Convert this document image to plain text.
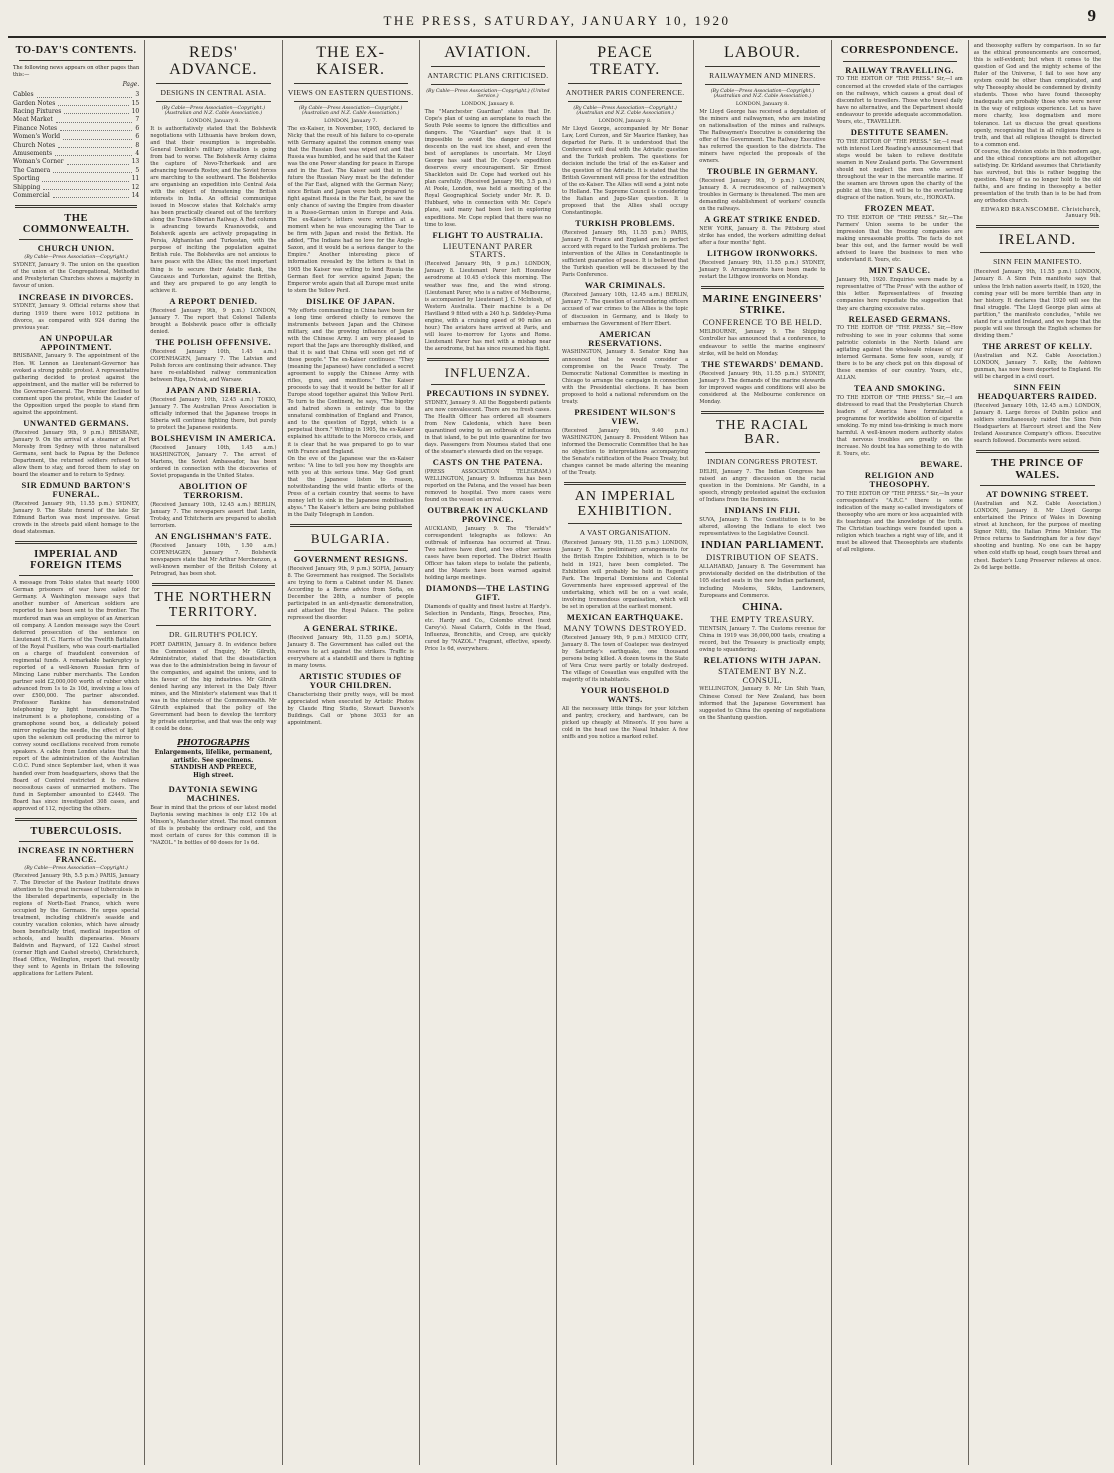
THE PRESS, SATURDAY, JANUARY 10, 1920	9
TO-DAY'S CONTENTS.
The following news appears on other pages than this:—
Page.
Cables	3
Garden Notes	15
Racing Fixtures	10
Meat Market	7
Finance Notes	6
Women's World	6
Church Notes	8
Amusements	4
Woman's Corner	13
The Camera	5
Sporting	11
Shipping	12
Commercial	14
THE COMMONWEALTH.
CHURCH UNION.
(By Cable—Press Association—Copyright.)
SYDNEY, January 9. The union on the question of the union of the Congregational, Methodist and Presbyterian Churches shows a majority in favour of union.
INCREASE IN DIVORCES.
SYDNEY, January 9. Official returns show that during 1919 there were 1012 petitions in divorce, as compared with 924 during the previous year.
AN UNPOPULAR APPOINTMENT.
BRISBANE, January 9. The appointment of the Hon. W. Lennon as Lieutenant-Governor has evoked a strong public protest. A representative gathering decided to protest against the appointment, and the matter will be referred to the Governor-General. The Premier declined to comment upon the protest, while the Leader of the Opposition urged the people to stand firm against the appointment.
UNWANTED GERMANS.
(Received January 9th, 9 p.m.) BRISBANE, January 9. On the arrival of a steamer at Port Moresby from Sydney with three naturalised Germans, sent back to Papua by the Defence Department, the returned soldiers refused to allow them to stay, and forced them to stay on board the steamer and to return to Sydney.
SIR EDMUND BARTON'S FUNERAL.
(Received January 9th, 11.55 p.m.) SYDNEY, January 9. The State funeral of the late Sir Edmund Barton was most impressive. Great crowds in the streets paid silent homage to the dead statesman.
IMPERIAL AND FOREIGN ITEMS
A message from Tokio states that nearly 1000 German prisoners of war have sailed for Germany. A Washington message says that another number of American soldiers are reported to have been sent to the frontier. The murdered man was an employee of an American oil company. A London message says the Court deferred prosecution of the sentence on Lieutenant H. C. Harris of the Twelfth Battalion of the Royal Fusiliers, who was court-martialled on a charge of fraudulent conversion of regimental funds. A remarkable bankruptcy is reported of a well-known Russian firm of Mincing Lane rubber merchants. The London partner sold £2,000,000 worth of rubber which advanced from 1s to 2s 10d, involving a loss of over £500,000. The partner absconded. Professor Rankine has demonstrated telephoning by light transmission. The instrument is a photophone, consisting of a gramophone sound box, a delicately poised mirror replacing the needle, the effect of light upon the selenium cell producing the mirror to convey sound oscillations received from remote speakers. A cable from London states that the report of the administration of the Australian C.O.C. Fund since September last, when it was handed over from headquarters, shows that the Board of Control restricted it to relieve necessitous cases of unmarried mothers. The fund in September amounted to £2449. The Board has since investigated 308 cases, and approved of 112, rejecting the others.
TUBERCULOSIS.
INCREASE IN NORTHERN FRANCE.
(By Cable—Press Association—Copyright.)
(Received January 9th, 5.5 p.m.) PARIS, January 7. The Director of the Pasteur Institute draws attention to the great increase of tuberculosis in the liberated departments, especially in the regions of North-East France, which were occupied by the Germans. He urges special treatment, including children's seaside and country vacation colonies, which have already been beneficially tried, medical inspection of schools, and health dispensaries. Messrs Baldwin and Rayward, of 122 Cashel street (corner High and Cashel streets), Christchurch, Head Office, Wellington, report that recently they sent to Agents in Britain the following applications for Letters Patent.
REDS' ADVANCE.
DESIGNS IN CENTRAL ASIA.
(By Cable—Press Association—Copyright.) (Australian and N.Z. Cable Association.)
LONDON, January 8.
It is authoritatively stated that the Bolshevik negotiations with Lithuania have broken down, and that their resumption is improbable. General Denikin's military situation is going from bad to worse. The Bolshevik Army claims the capture of Novo-Tcherkask and are advancing towards Rostov, and the Soviet forces are marching to the southward. The Bolsheviks are organising an expedition into Central Asia with the object of threatening the British interests in India. An official communique issued in Moscow states that Kolchak's army has been practically cleared out of the territory along the Trans-Siberian Railway. A Red column is advancing towards Krasnovodsk, and Bolshevik agents are actively propagating in Persia, Afghanistan and Turkestan, with the purpose of inciting the population against British rule. The Bolsheviks are not anxious to have peace with the Allies; the most important thing is to secure their Asiatic flank, the Caucasus and Turkestan, against the British, and they are prepared to go any length to achieve it.
A REPORT DENIED.
(Received January 9th, 9 p.m.) LONDON, January 7. The report that Colonel Tallents brought a Bolshevik peace offer is officially denied.
THE POLISH OFFENSIVE.
(Received January 10th, 1.45 a.m.) COPENHAGEN, January 7. The Latvian and Polish forces are continuing their advance. They have re-established railway communication between Riga, Dvinsk, and Warsaw.
JAPAN AND SIBERIA.
(Received January 10th, 12.45 a.m.) TOKIO, January 7. The Australian Press Association is officially informed that the Japanese troops in Siberia will continue fighting there, but purely to protect the Japanese residents.
BOLSHEVISM IN AMERICA.
(Received January 10th, 1.45 a.m.) WASHINGTON, January 7. The arrest of Martens, the Soviet Ambassador, has been ordered in connection with the discoveries of Soviet propaganda in the United States.
ABOLITION OF TERRORISM.
(Received January 10th, 12.45 a.m.) BERLIN, January 7. The newspapers assert that Lenin, Trotsky, and Tchitcherin are prepared to abolish terrorism.
AN ENGLISHMAN'S FATE.
(Received January 10th, 1.50 a.m.) COPENHAGEN, January 7. Bolshevik newspapers state that Mr Arthur Merchenzon, a well-known member of the British Colony at Petrograd, has been shot.
THE NORTHERN TERRITORY.
DR. GILRUTH'S POLICY.
PORT DARWIN, January 8. In evidence before the Commission of Enquiry, Mr Gilruth, Administrator, stated that the dissatisfaction was due to the administration being in favour of the companies, and against the unions, and to his favour of the big industries. Mr Gilruth denied having any interest in the Daly River mines, and the Minister's statement was that it was in the interests of the Commonwealth. Mr Gilruth explained that the policy of the Government had been to develop the territory by private enterprise, and that was the only way it could be done.
PHOTOGRAPHS
Enlargements, lifelike, permanent, artistic. See specimens.
STANDISH AND PREECE,
High street.
DAYTONIA SEWING MACHINES.
Bear in mind that the prices of our latest model Daytonia sewing machines is only £12 10s at Minson's, Manchester street. The most common of ills is probably the ordinary cold, and the most certain of cures for this common ill is "NAZOL." In bottles of 60 doses for 1s 6d.
THE EX-KAISER.
VIEWS ON EASTERN QUESTIONS.
(By Cable—Press Association—Copyright.) (Australian and N.Z. Cable Association.)
LONDON, January 7.
The ex-Kaiser, in November, 1905, declared to Nicky that the result of his failure to co-operate with Germany against the common enemy was that the Russian fleet was wiped out and that Russia was humbled, and he said that the Kaiser was the one Power standing for peace in Europe and in the East. The Kaiser said that in the future the Russian Navy must be the defender of the Far East, aligned with the German Navy; since Britain and Japan were both prepared to fight against Russia in the Far East, he saw the only chance of saving the Empire from disaster in a Russo-German union in Europe and Asia. The ex-Kaiser's letters were written at a moment when he was encouraging the Tsar to be firm with Japan and resist the British. He added, "The Indians had no love for the Anglo-Saxon, and it would be a serious danger to the Empire." Another interesting piece of information revealed by the letters is that in 1905 the Kaiser was willing to lend Russia the German fleet for service against Japan; the Emperor wrote again that all Europe must unite to stem the Yellow Peril.
DISLIKE OF JAPAN.
"My efforts commanding in China have been for a long time ordered chiefly to remove the instruments between Japan and the Chinese military, and the growing influence of Japan with the Chinese Army. I am very pleased to report that the Japs are thoroughly disliked, and that it is said that China will soon get rid of these people." The ex-Kaiser continues: "They (meaning the Japanese) have concluded a secret agreement to supply the Chinese Army with rifles, guns, and munitions." The Kaiser proceeds to say that it would be better for all if Europe stood together against this Yellow Peril. To turn to the Continent, he says, "The bigotry and hatred shown is entirely due to the unnatural combination of England and France, and to the question of Egypt, which is a perpetual thorn." Writing in 1905, the ex-Kaiser explained his attitude to the Morocco crisis, and it is clear that he was prepared to go to war with France and England.
On the eve of the Japanese war the ex-Kaiser writes: "A line to tell you how my thoughts are with you at this serious time. May God grant that the Japanese listen to reason, notwithstanding the wild frantic efforts of the Press of a certain country that seems to have money left to sink in the Japanese mobilisation abyss." The Kaiser's letters are being published in the Daily Telegraph in London.
BULGARIA.
GOVERNMENT RESIGNS.
(Received January 9th, 9 p.m.) SOFIA, January 8. The Government has resigned. The Socialists are trying to form a Cabinet under M. Danev. According to a Berne advice from Sofia, on December the 28th, a number of people participated in an anti-dynastic demonstration, and attacked the Royal Palace. The police repressed the disorder.
A GENERAL STRIKE.
(Received January 9th, 11.55 p.m.) SOFIA, January 8. The Government has called out the reserves to act against the strikers. Traffic is everywhere at a standstill and there is fighting in many towns.
ARTISTIC STUDIES OF YOUR CHILDREN.
Characterising their pretty ways, will be most appreciated when executed by Artistic Photos by Claude Ring Studio, Stewart Dawson's Buildings. Call or 'phone 3033 for an appointment.
AVIATION.
ANTARCTIC PLANS CRITICISED.
(By Cable—Press Association—Copyright.) (United Service.)
LONDON, January 8.
The "Manchester Guardian" states that Dr. Cope's plan of using an aeroplane to reach the South Pole seems to ignore the difficulties and dangers. The "Guardian" says that it is impossible to avoid the danger of forced descents on the vast ice sheet, and even the best of aeroplanes is uncertain. Mr Lloyd George has said that Dr. Cope's expedition deserves every encouragement. Sir Ernest Shackleton said Dr. Cope had worked out his plan carefully. (Received January 9th, 5.5 p.m.) At Poole, London, was held a meeting of the Royal Geographical Society under Mr. R. D. Hubbard, who in connection with Mr. Cope's plans, said many had been lost in exploring expeditions. Mr. Cope replied that there was no time to lose.
FLIGHT TO AUSTRALIA.
LIEUTENANT PARER STARTS.
(Received January 9th, 9 p.m.) LONDON, January 8. Lieutenant Parer left Hounslow aerodrome at 10.45 o'clock this morning. The weather was fine, and the wind strong. (Lieutenant Parer, who is a native of Melbourne, is accompanied by Lieutenant J. C. McIntosh, of Western Australia. Their machine is a De Havilland 9 fitted with a 240 h.p. Siddeley-Puma engine, with a cruising speed of 90 miles an hour.) The aviators have arrived at Paris, and will leave to-morrow for Lyons and Rome. Lieutenant Parer has met with a mishap near the aerodrome, but has since resumed his flight.
INFLUENZA.
PRECAUTIONS IN SYDNEY.
SYDNEY, January 9. All the Boggoberdi patients are now convalescent. There are no fresh cases. The Health Officer has ordered all steamers from New Caledonia, which have been quarantined owing to an outbreak of influenza in that island, to be put into quarantine for two days. Passengers from Noumea stated that one of the steamer's stewards died on the voyage.
CASTS ON THE PATENA.
(PRESS ASSOCIATION TELEGRAM.) WELLINGTON, January 9. Influenza has been reported on the Patena, and the vessel has been removed to hospital. Two more cases were found on the vessel on arrival.
OUTBREAK IN AUCKLAND PROVINCE.
AUCKLAND, January 9. The "Herald's" correspondent telegraphs as follows: An outbreak of influenza has occurred at Tirau. Two natives have died, and two other serious cases have been reported. The District Health Officer has taken steps to isolate the patients, and the Maoris have been warned against holding large meetings.
DIAMONDS—THE LASTING GIFT.
Diamonds of quality and finest lustre at Hardy's. Selection in Pendants, Rings, Brooches, Pins, etc. Hardy and Co., Colombo street (next Carey's). Nasal Catarrh, Colds in the Head, Influenza, Bronchitis, and Croup, are quickly cured by "NAZOL." Fragrant, effective, speedy. Price 1s 6d, everywhere.
PEACE TREATY.
ANOTHER PARIS CONFERENCE.
(By Cable—Press Association—Copyright.) (Australian and N.Z. Cable Association.)
LONDON, January 8.
Mr Lloyd George, accompanied by Mr Bonar Law, Lord Curzon, and Sir Maurice Hankey, has departed for Paris. It is understood that the Conference will deal with the Adriatic question and the Turkish problem. The questions for decision include the trial of the ex-Kaiser and the question of the Adriatic. It is stated that the British Government will press for the extradition of the ex-Kaiser. The Allies will send a joint note to Holland. The Supreme Council is considering the Italian and Jugo-Slav question. It is proposed that the Allies shall occupy Constantinople.
TURKISH PROBLEMS.
(Received January 9th, 11.55 p.m.) PARIS, January 8. France and England are in perfect accord with regard to the Turkish problems. The intervention of the Allies in Constantinople is sufficient guarantee of peace. It is believed that the Turkish question will be discussed by the Paris Conference.
WAR CRIMINALS.
(Received January 10th, 12.45 a.m.) BERLIN, January 7. The question of surrendering officers accused of war crimes to the Allies is the topic of discussion in Germany, and is likely to embarrass the Government of Herr Ebert.
AMERICAN RESERVATIONS.
WASHINGTON, January 8. Senator King has announced that he would consider a compromise on the Peace Treaty. The Democratic National Committee is meeting in Chicago to arrange the campaign in connection with the Presidential elections. It has been proposed to hold a national referendum on the treaty.
PRESIDENT WILSON'S VIEW.
(Received January 9th, 9.40 p.m.) WASHINGTON, January 8. President Wilson has informed the Democratic Committee that he has no objection to interpretations accompanying the Senate's ratification of the Peace Treaty, but changes cannot be made altering the meaning of the Treaty.
AN IMPERIAL EXHIBITION.
A VAST ORGANISATION.
(Received January 9th, 11.55 p.m.) LONDON, January 8. The preliminary arrangements for the British Empire Exhibition, which is to be held in 1921, have been completed. The Exhibition will probably be held in Regent's Park. The Imperial Dominions and Colonial Governments have expressed approval of the undertaking, which will be on a vast scale, involving tremendous organisation, which will be set in operation at the earliest moment.
MEXICAN EARTHQUAKE.
MANY TOWNS DESTROYED.
(Received January 9th, 9 p.m.) MEXICO CITY, January 8. The town of Coatepec was destroyed by Saturday's earthquake, one thousand persons being killed. A dozen towns in the State of Vera Cruz were partly or totally destroyed. The village of Cosautlan was engulfed with the majority of its inhabitants.
YOUR HOUSEHOLD WANTS.
All the necessary little things for your kitchen and pantry, crockery, and hardware, can be picked up cheaply at Minson's. If you have a cold in the head use the Nasal Inhaler. A few sniffs and you notice a marked relief.
LABOUR.
RAILWAYMEN AND MINERS.
(By Cable—Press Association—Copyright.) (Australian and N.Z. Cable Association.)
LONDON, January 8.
Mr Lloyd George has received a deputation of the miners and railwaymen, who are insisting on nationalisation of the mines and railways. The Railwaymen's Executive is considering the offer of the Government. The Railway Executive has referred the question to the districts. The miners have rejected the proposals of the owners.
TROUBLE IN GERMANY.
(Received January 9th, 9 p.m.) LONDON, January 8. A recrudescence of railwaymen's troubles in Germany is threatened. The men are demanding establishment of workers' councils on the railways.
A GREAT STRIKE ENDED.
NEW YORK, January 8. The Pittsburg steel strike has ended, the workers admitting defeat after a four months' fight.
LITHGOW IRONWORKS.
(Received January 9th, 11.55 p.m.) SYDNEY, January 9. Arrangements have been made to restart the Lithgow ironworks on Monday.
MARINE ENGINEERS' STRIKE.
CONFERENCE TO BE HELD.
MELBOURNE, January 9. The Shipping Controller has announced that a conference, to endeavour to settle the marine engineers' strike, will be held on Monday.
THE STEWARDS' DEMAND.
(Received January 9th, 11.55 p.m.) SYDNEY, January 9. The demands of the marine stewards for improved wages and conditions will also be considered at the Melbourne conference on Monday.
THE RACIAL BAR.
INDIAN CONGRESS PROTEST.
DELHI, January 7. The Indian Congress has raised an angry discussion on the racial question in the Dominions. Mr Gandhi, in a speech, strongly protested against the exclusion of Indians from the Dominions.
INDIANS IN FIJI.
SUVA, January 8. The Constitution is to be altered, allowing the Indians to elect two representatives to the Legislative Council.
INDIAN PARLIAMENT.
DISTRIBUTION OF SEATS.
ALLAHABAD, January 8. The Government has provisionally decided on the distribution of the 105 elected seats in the new Indian parliament, including Moslems, Sikhs, Landowners, Europeans and Commerce.
CHINA.
THE EMPTY TREASURY.
TIENTSIN, January 7. The Customs revenue for China in 1919 was 36,000,000 taels, creating a record, but the Treasury is practically empty, owing to squandering.
RELATIONS WITH JAPAN.
STATEMENT BY N.Z. CONSUL.
WELLINGTON, January 9. Mr Lin Shih Yuan, Chinese Consul for New Zealand, has been informed that the Japanese Government has suggested to China the opening of negotiations on the Shantung question.
CORRESPONDENCE.
RAILWAY TRAVELLING.
TO THE EDITOR OF "THE PRESS." Sir,—I am concerned at the crowded state of the carriages on the railways, which causes a great deal of discomfort to travellers. Those who travel daily have no alternative, and the Department should endeavour to provide adequate accommodation. Yours, etc., TRAVELLER.
DESTITUTE SEAMEN.
TO THE EDITOR OF "THE PRESS." Sir,—I read with interest Lord Reading's announcement that steps would be taken to relieve destitute seamen in New Zealand ports. The Government should not neglect the men who served throughout the war in the mercantile marine. If the seamen are thrown upon the charity of the public at this time, it will be to the everlasting disgrace of the nation. Yours, etc., HOROATA.
FROZEN MEAT.
TO THE EDITOR OF "THE PRESS." Sir,—The Farmers' Union seems to be under the impression that the freezing companies are making unreasonable profits. The facts do not bear this out, and the farmer would be well advised to leave the business to men who understand it. Yours, etc.
MINT SAUCE.
January 9th, 1920. Enquiries were made by a representative of "The Press" with the author of this letter. Representatives of freezing companies here repudiate the suggestion that they are charging excessive rates.
RELEASED GERMANS.
TO THE EDITOR OF "THE PRESS." Sir,—How refreshing to see in your columns that some patriotic colonists in the North Island are agitating against the wholesale release of our interned Germans. Some few soon, surely, if there is to be any check put on this disposal of these enemies of our country. Yours, etc., ALLAN.
TEA AND SMOKING.
TO THE EDITOR OF "THE PRESS." Sir,—I am distressed to read that the Presbyterian Church leaders of America have formulated a programme for worldwide abolition of cigarette smoking. To my mind tea-drinking is much more harmful. A well-known modern authority states that nervous troubles are greatly on the increase. No doubt tea has something to do with it. Yours, etc.
BEWARE.
RELIGION AND THEOSOPHY.
TO THE EDITOR OF "THE PRESS." Sir,—In your correspondent's "A.R.C." there is some indication of the many so-called investigators of theosophy who are more or less acquainted with its teachings and the knowledge of the truth. The Christian teachings were founded upon a religion which teaches a right way of life, and it must be allowed that Theosophists are students of all religions.
and theosophy suffers by comparison. In so far as the ethical pronouncements are concerned, this is self-evident; but when it comes to the question of God and the mighty scheme of the Ruler of the Universe, I fail to see how any system could be other than complicated, and why Theosophy should be condemned by divinity students. Those who have found theosophy inadequate are probably those who were never in the way of religious experience. Let us have more charity, less dogmatism and more tolerance. Let us discuss the great questions openly, recognising that in all religions there is truth, and that all religious thought is directed to a common end.
Of course, the division exists in this modern age, and the ethical conceptions are not altogether satisfying. Dr. Kirkland assumes that Christianity has survived, but this is rather begging the question. Many of us no longer hold to the old faiths, and are finding in theosophy a better presentation of the truth than is to be had from any orthodox church.
EDWARD BRANSCOMBE. Christchurch, January 9th.
IRELAND.
SINN FEIN MANIFESTO.
(Received January 9th, 11.55 p.m.) LONDON, January 8. A Sinn Fein manifesto says that unless the Irish nation asserts itself, in 1920, the coming year will be more terrible than any in her history. It declares that 1920 will see the final struggle. "The Lloyd George plan aims at partition," the manifesto concludes, "while we stand for a united Ireland, and we hope that the people will see through the English schemes for dividing them."
THE ARREST OF KELLY.
(Australian and N.Z. Cable Association.) LONDON, January 7. Kelly, the Ashtown gunman, has now been deported to England. He will be charged in a civil court.
SINN FEIN HEADQUARTERS RAIDED.
(Received January 10th, 12.45 a.m.) LONDON, January 8. Large forces of Dublin police and soldiers simultaneously raided the Sinn Fein Headquarters at Harcourt street and the New Ireland Assurance Company's offices. Executive search followed. Documents were seized.
THE PRINCE OF WALES.
AT DOWNING STREET.
(Australian and N.Z. Cable Association.) LONDON, January 8. Mr Lloyd George entertained the Prince of Wales in Downing street at luncheon, for the purpose of meeting Signor Nitti, the Italian Prime Minister. The Prince returns to Sandringham for a few days' shooting and hunting. No one can be happy when cold stuffs up head, cough tears throat and chest. Baxter's Lung Preserver relieves at once. 2s 6d large bottle.
